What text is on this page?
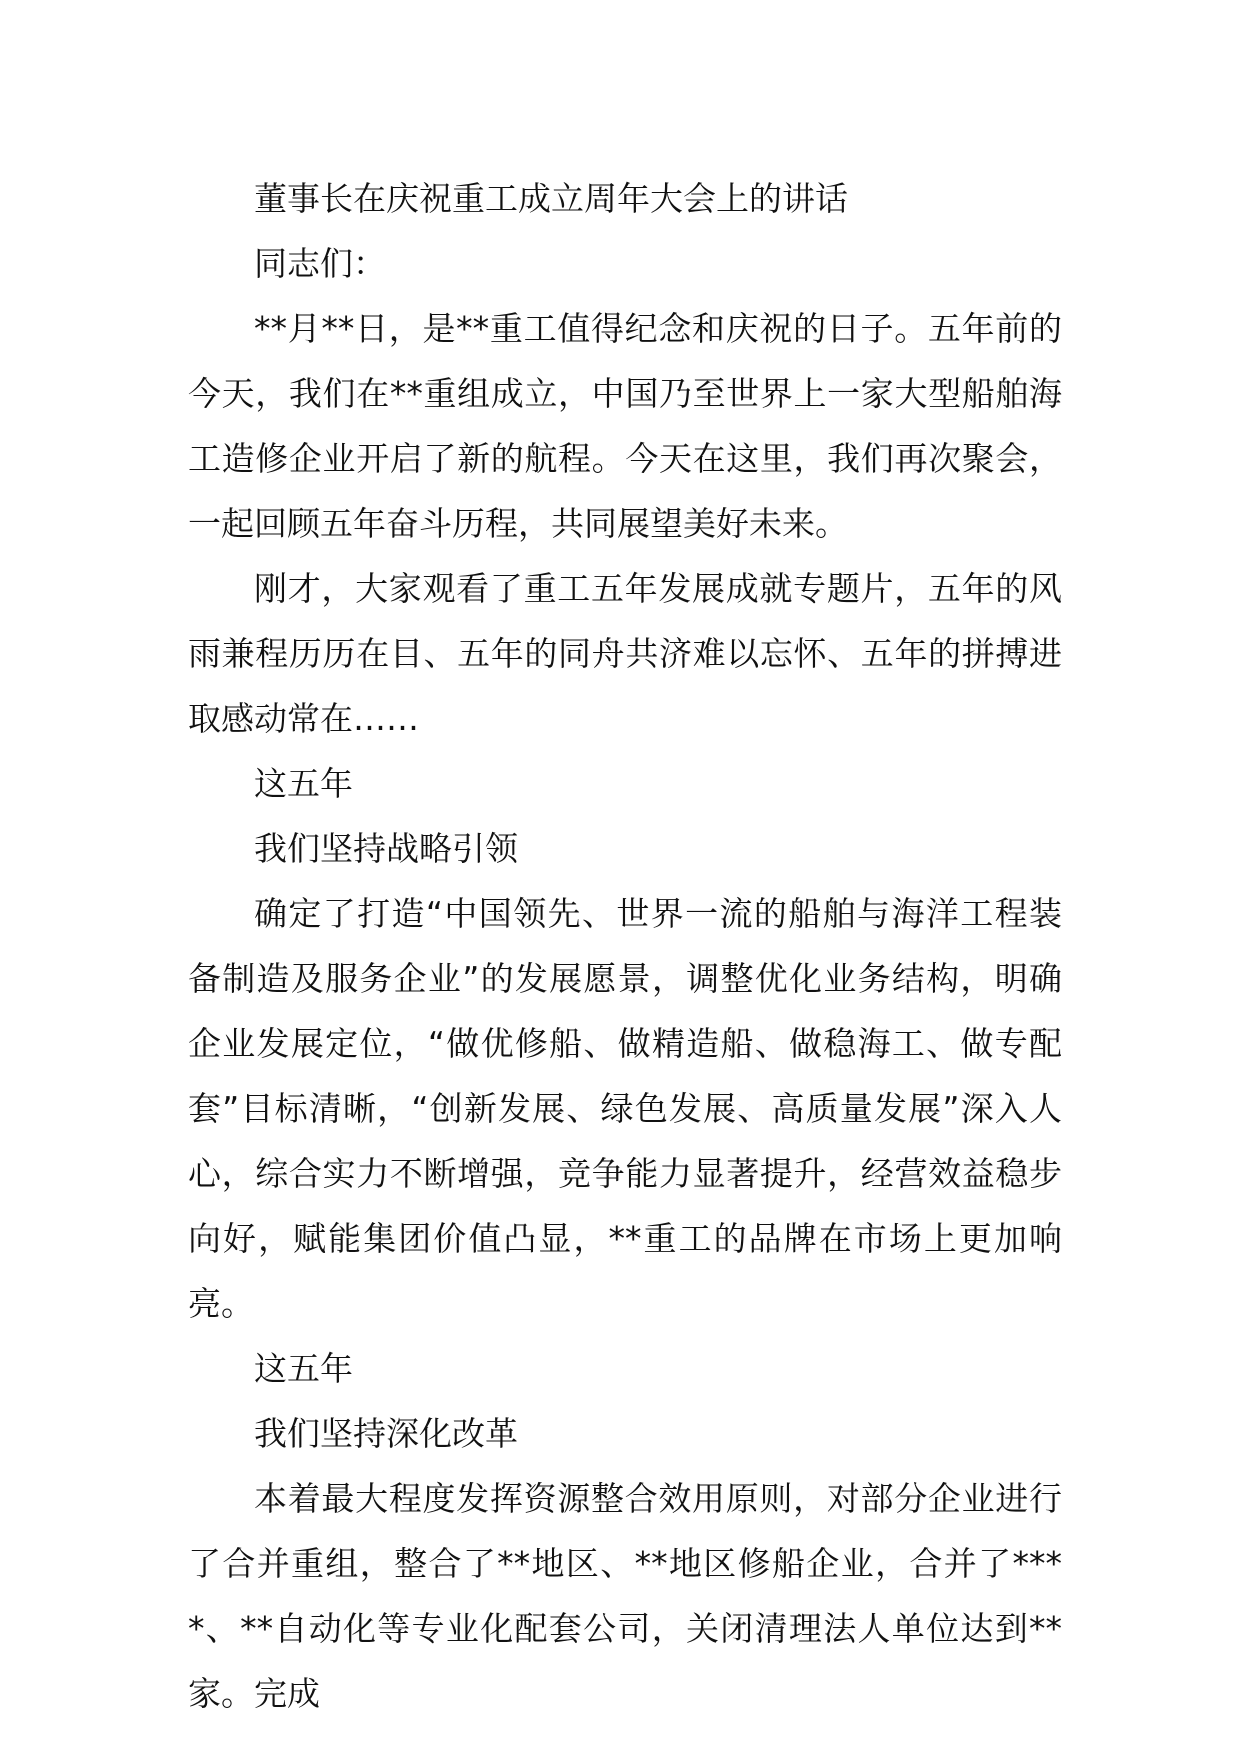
董事长在庆祝重工成立周年大会上的讲话

同志们：

**月**日，是**重工值得纪念和庆祝的日子。五年前的今天，我们在**重组成立，中国乃至世界上一家大型船舶海工造修企业开启了新的航程。今天在这里，我们再次聚会，一起回顾五年奋斗历程，共同展望美好未来。

刚才，大家观看了重工五年发展成就专题片，五年的风雨兼程历历在目、五年的同舟共济难以忘怀、五年的拼搏进取感动常在……

这五年

我们坚持战略引领

确定了打造“中国领先、世界一流的船舶与海洋工程装备制造及服务企业”的发展愿景，调整优化业务结构，明确企业发展定位，“做优修船、做精造船、做稳海工、做专配套”目标清晰，“创新发展、绿色发展、高质量发展”深入人心，综合实力不断增强，竞争能力显著提升，经营效益稳步向好，赋能集团价值凸显，**重工的品牌在市场上更加响亮。

这五年

我们坚持深化改革

本着最大程度发挥资源整合效用原则，对部分企业进行了合并重组，整合了**地区、**地区修船企业，合并了****、**自动化等专业化配套公司，关闭清理法人单位达到**家。完成
